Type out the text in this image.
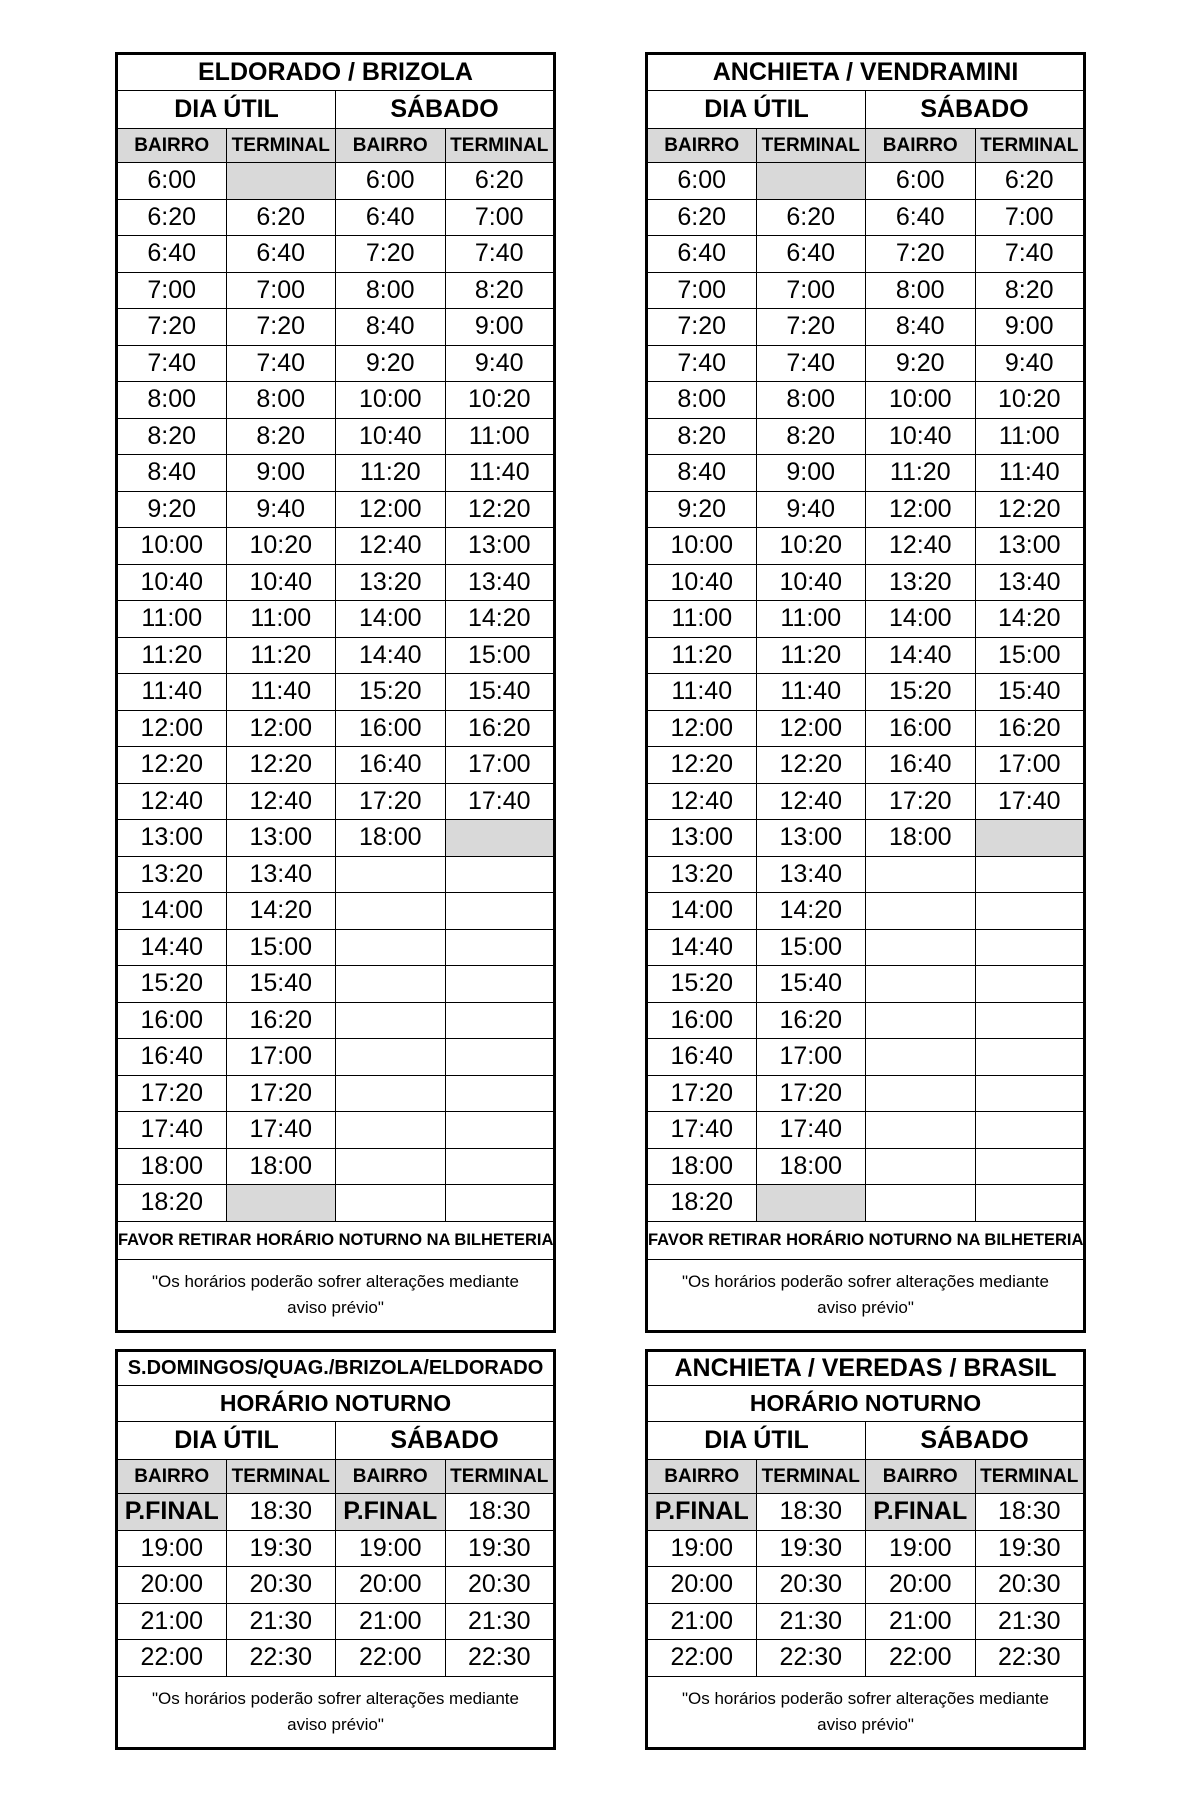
ELDORADO / BRIZOLA			
DIA ÚTIL		SÁBADO	
BAIRRO	TERMINAL	BAIRRO	TERMINAL
6:00		6:00	6:20
6:20	6:20	6:40	7:00
6:40	6:40	7:20	7:40
7:00	7:00	8:00	8:20
7:20	7:20	8:40	9:00
7:40	7:40	9:20	9:40
8:00	8:00	10:00	10:20
8:20	8:20	10:40	11:00
8:40	9:00	11:20	11:40
9:20	9:40	12:00	12:20
10:00	10:20	12:40	13:00
10:40	10:40	13:20	13:40
11:00	11:00	14:00	14:20
11:20	11:20	14:40	15:00
11:40	11:40	15:20	15:40
12:00	12:00	16:00	16:20
12:20	12:20	16:40	17:00
12:40	12:40	17:20	17:40
13:00	13:00	18:00	
13:20	13:40		
14:00	14:20		
14:40	15:00		
15:20	15:40		
16:00	16:20		
16:40	17:00		
17:20	17:20		
17:40	17:40		
18:00	18:00		
18:20			
FAVOR RETIRAR HORÁRIO NOTURNO NA BILHETERIA			
"Os horários poderão sofrer alterações mediante aviso prévio"			
ANCHIETA / VENDRAMINI			
DIA ÚTIL		SÁBADO	
BAIRRO	TERMINAL	BAIRRO	TERMINAL
6:00		6:00	6:20
6:20	6:20	6:40	7:00
6:40	6:40	7:20	7:40
7:00	7:00	8:00	8:20
7:20	7:20	8:40	9:00
7:40	7:40	9:20	9:40
8:00	8:00	10:00	10:20
8:20	8:20	10:40	11:00
8:40	9:00	11:20	11:40
9:20	9:40	12:00	12:20
10:00	10:20	12:40	13:00
10:40	10:40	13:20	13:40
11:00	11:00	14:00	14:20
11:20	11:20	14:40	15:00
11:40	11:40	15:20	15:40
12:00	12:00	16:00	16:20
12:20	12:20	16:40	17:00
12:40	12:40	17:20	17:40
13:00	13:00	18:00	
13:20	13:40		
14:00	14:20		
14:40	15:00		
15:20	15:40		
16:00	16:20		
16:40	17:00		
17:20	17:20		
17:40	17:40		
18:00	18:00		
18:20			
FAVOR RETIRAR HORÁRIO NOTURNO NA BILHETERIA			
"Os horários poderão sofrer alterações mediante aviso prévio"			
S.DOMINGOS/QUAG./BRIZOLA/ELDORADO			
HORÁRIO NOTURNO			
DIA ÚTIL		SÁBADO	
BAIRRO	TERMINAL	BAIRRO	TERMINAL
P.FINAL	18:30	P.FINAL	18:30
19:00	19:30	19:00	19:30
20:00	20:30	20:00	20:30
21:00	21:30	21:00	21:30
22:00	22:30	22:00	22:30
"Os horários poderão sofrer alterações mediante aviso prévio"			
ANCHIETA / VEREDAS / BRASIL			
HORÁRIO NOTURNO			
DIA ÚTIL		SÁBADO	
BAIRRO	TERMINAL	BAIRRO	TERMINAL
P.FINAL	18:30	P.FINAL	18:30
19:00	19:30	19:00	19:30
20:00	20:30	20:00	20:30
21:00	21:30	21:00	21:30
22:00	22:30	22:00	22:30
"Os horários poderão sofrer alterações mediante aviso prévio"			
